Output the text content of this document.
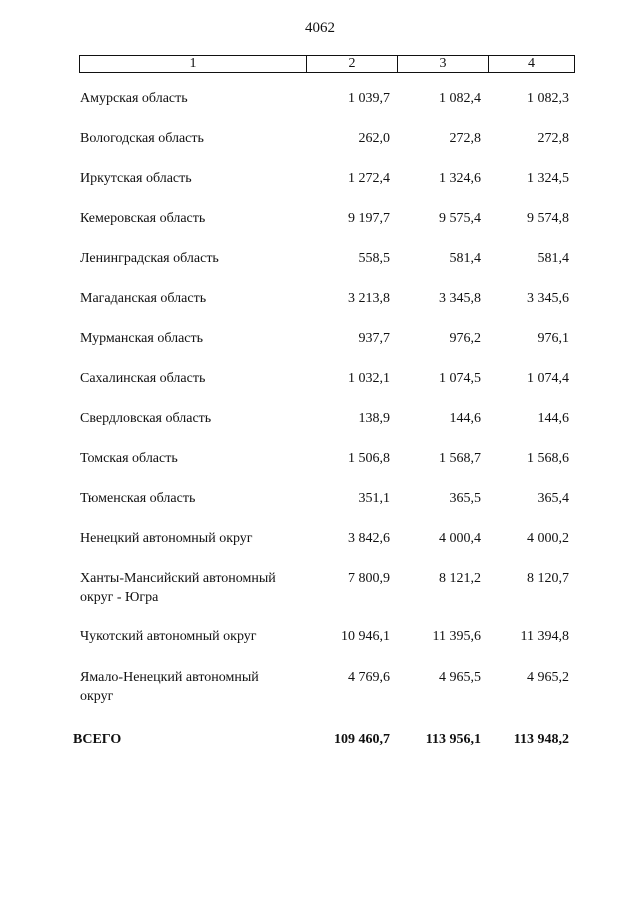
4062
1	2	3	4
Амурская область	1 039,7	1 082,4	1 082,3
Вологодская область	262,0	272,8	272,8
Иркутская область	1 272,4	1 324,6	1 324,5
Кемеровская область	9 197,7	9 575,4	9 574,8
Ленинградская область	558,5	581,4	581,4
Магаданская область	3 213,8	3 345,8	3 345,6
Мурманская область	937,7	976,2	976,1
Сахалинская область	1 032,1	1 074,5	1 074,4
Свердловская область	138,9	144,6	144,6
Томская область	1 506,8	1 568,7	1 568,6
Тюменская область	351,1	365,5	365,4
Ненецкий автономный округ	3 842,6	4 000,4	4 000,2
Ханты-Мансийский автономный
округ - Югра
7 800,9	8 121,2	8 120,7
Чукотский автономный округ	10 946,1	11 395,6	11 394,8
Ямало-Ненецкий автономный
округ
4 769,6	4 965,5	4 965,2
ВСЕГО	109 460,7	113 956,1	113 948,2
